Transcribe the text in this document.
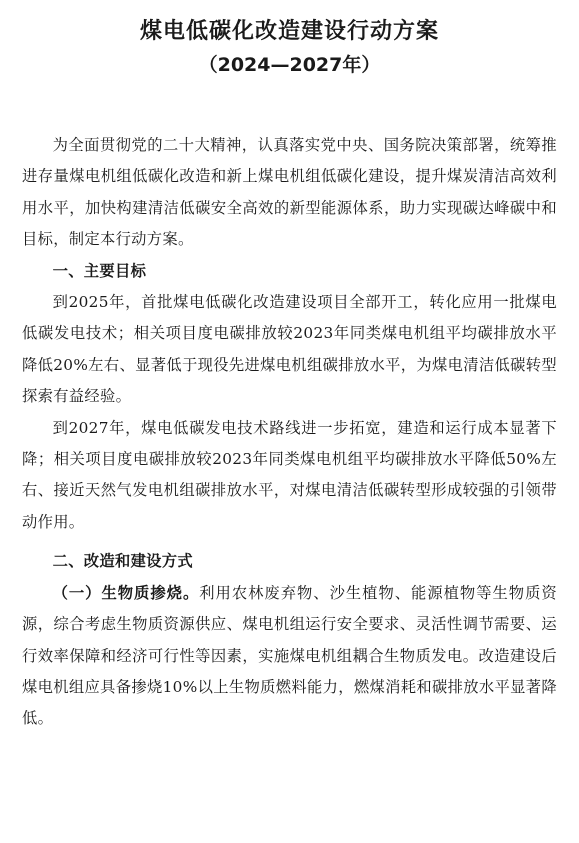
煤电低碳化改造建设行动方案
（2024—2027年）

为全面贯彻党的二十大精神，认真落实党中央、国务院决策部署，统筹推进存量煤电机组低碳化改造和新上煤电机组低碳化建设，提升煤炭清洁高效利用水平，加快构建清洁低碳安全高效的新型能源体系，助力实现碳达峰碳中和目标，制定本行动方案。

一、主要目标

到2025年，首批煤电低碳化改造建设项目全部开工，转化应用一批煤电低碳发电技术；相关项目度电碳排放较2023年同类煤电机组平均碳排放水平降低20%左右、显著低于现役先进煤电机组碳排放水平，为煤电清洁低碳转型探索有益经验。

到2027年，煤电低碳发电技术路线进一步拓宽，建造和运行成本显著下降；相关项目度电碳排放较2023年同类煤电机组平均碳排放水平降低50%左右、接近天然气发电机组碳排放水平，对煤电清洁低碳转型形成较强的引领带动作用。

二、改造和建设方式

（一）生物质掺烧。利用农林废弃物、沙生植物、能源植物等生物质资源，综合考虑生物质资源供应、煤电机组运行安全要求、灵活性调节需要、运行效率保障和经济可行性等因素，实施煤电机组耦合生物质发电。改造建设后煤电机组应具备掺烧10%以上生物质燃料能力，燃煤消耗和碳排放水平显著降低。
